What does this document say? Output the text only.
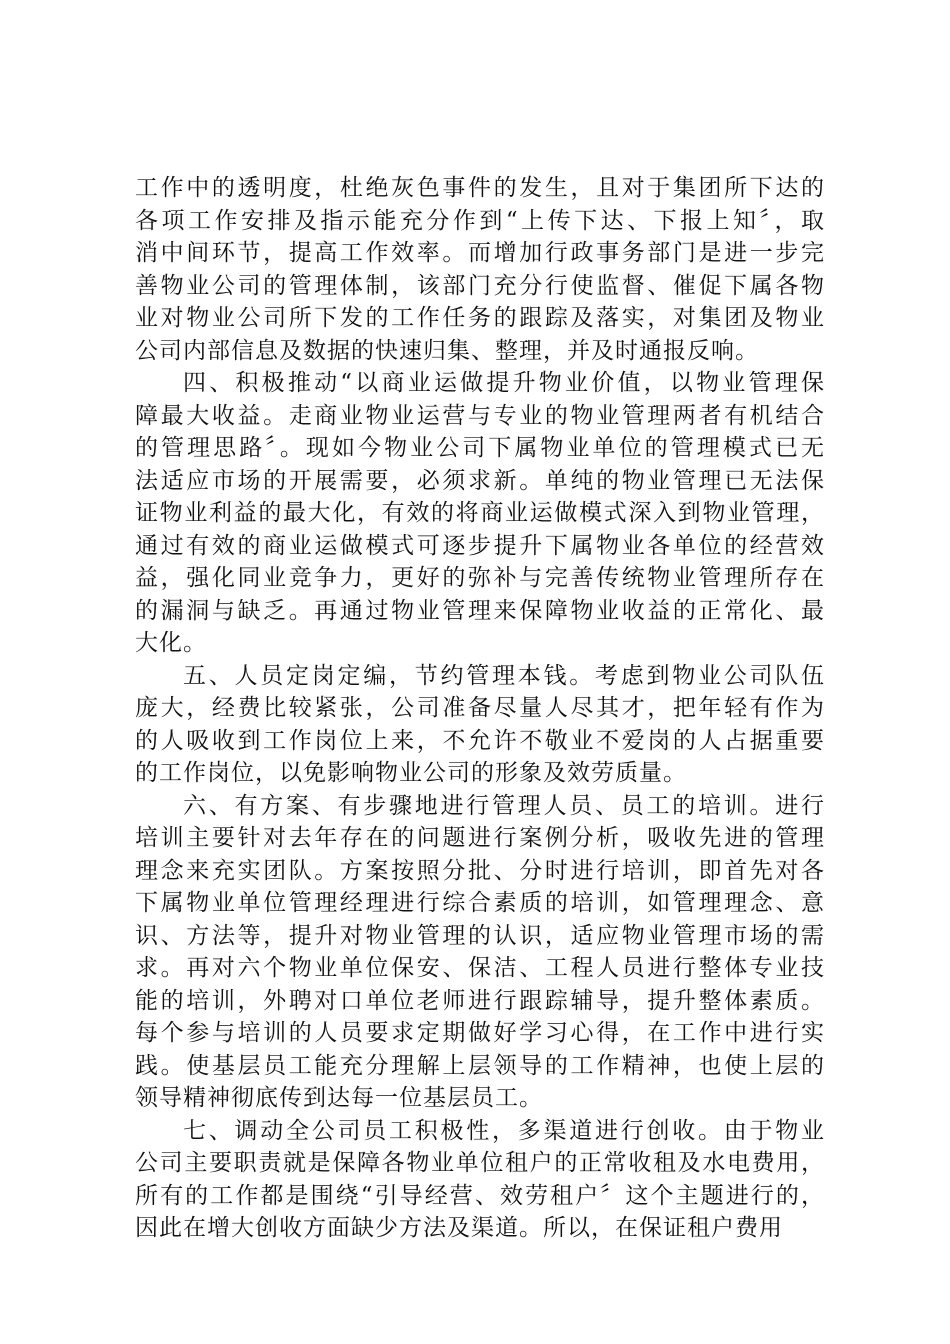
工作中的透明度，杜绝灰色事件的发生，且对于集团所下达的
各项工作安排及指示能充分作到“上传下达、下报上知〞，取
消中间环节，提高工作效率。而增加行政事务部门是进一步完
善物业公司的管理体制，该部门充分行使监督、催促下属各物
业对物业公司所下发的工作任务的跟踪及落实，对集团及物业
公司内部信息及数据的快速归集、整理，并及时通报反响。
四、积极推动“以商业运做提升物业价值，以物业管理保
障最大收益。走商业物业运营与专业的物业管理两者有机结合
的管理思路〞。现如今物业公司下属物业单位的管理模式已无
法适应市场的开展需要，必须求新。单纯的物业管理已无法保
证物业利益的最大化，有效的将商业运做模式深入到物业管理，
通过有效的商业运做模式可逐步提升下属物业各单位的经营效
益，强化同业竞争力，更好的弥补与完善传统物业管理所存在
的漏洞与缺乏。再通过物业管理来保障物业收益的正常化、最
大化。
五、人员定岗定编，节约管理本钱。考虑到物业公司队伍
庞大，经费比较紧张，公司准备尽量人尽其才，把年轻有作为
的人吸收到工作岗位上来，不允许不敬业不爱岗的人占据重要
的工作岗位，以免影响物业公司的形象及效劳质量。
六、有方案、有步骤地进行管理人员、员工的培训。进行
培训主要针对去年存在的问题进行案例分析，吸收先进的管理
理念来充实团队。方案按照分批、分时进行培训，即首先对各
下属物业单位管理经理进行综合素质的培训，如管理理念、意
识、方法等，提升对物业管理的认识，适应物业管理市场的需
求。再对六个物业单位保安、保洁、工程人员进行整体专业技
能的培训，外聘对口单位老师进行跟踪辅导，提升整体素质。
每个参与培训的人员要求定期做好学习心得，在工作中进行实
践。使基层员工能充分理解上层领导的工作精神，也使上层的
领导精神彻底传到达每一位基层员工。
七、调动全公司员工积极性，多渠道进行创收。由于物业
公司主要职责就是保障各物业单位租户的正常收租及水电费用，
所有的工作都是围绕“引导经营、效劳租户〞这个主题进行的，
因此在增大创收方面缺少方法及渠道。所以，在保证租户费用
